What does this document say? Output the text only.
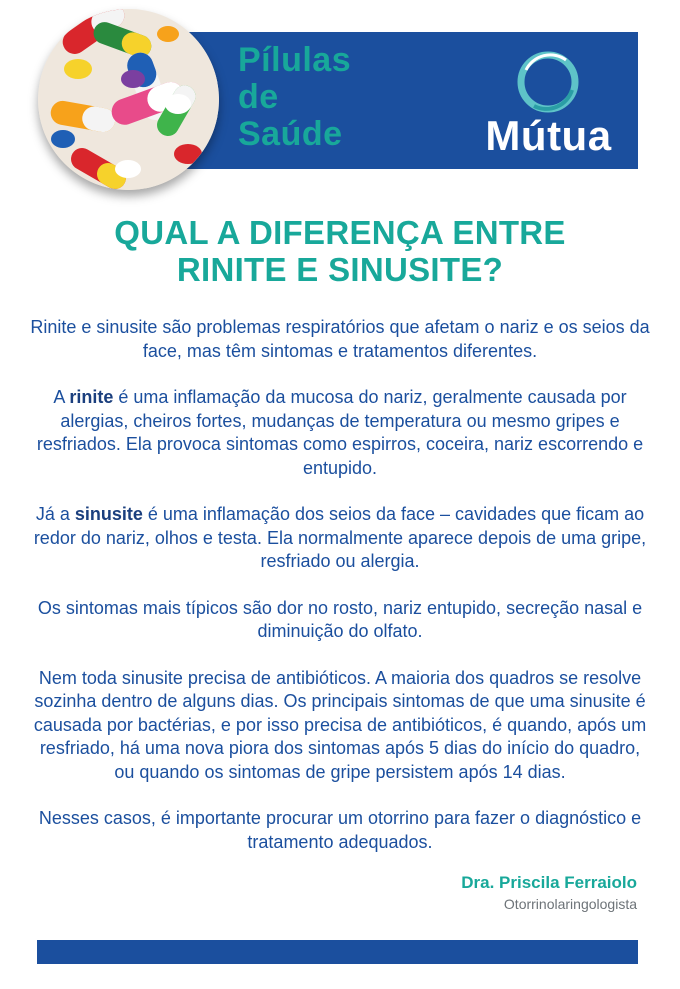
Pílulas
de
Saúde	Mútua
QUAL A DIFERENÇA ENTRE
RINITE E SINUSITE?

Rinite e sinusite são problemas respiratórios que afetam o nariz e os seios da face, mas têm sintomas e tratamentos diferentes.

A rinite é uma inflamação da mucosa do nariz, geralmente causada por alergias, cheiros fortes, mudanças de temperatura ou mesmo gripes e resfriados. Ela provoca sintomas como espirros, coceira, nariz escorrendo e entupido.

Já a sinusite é uma inflamação dos seios da face – cavidades que ficam ao redor do nariz, olhos e testa. Ela normalmente aparece depois de uma gripe, resfriado ou alergia.

Os sintomas mais típicos são dor no rosto, nariz entupido, secreção nasal e diminuição do olfato.

Nem toda sinusite precisa de antibióticos. A maioria dos quadros se resolve sozinha dentro de alguns dias. Os principais sintomas de que uma sinusite é causada por bactérias, e por isso precisa de antibióticos, é quando, após um resfriado, há uma nova piora dos sintomas após 5 dias do início do quadro, ou quando os sintomas de gripe persistem após 14 dias.

Nesses casos, é importante procurar um otorrino para fazer o diagnóstico e tratamento adequados.

Dra. Priscila Ferraiolo
Otorrinolaringologista
